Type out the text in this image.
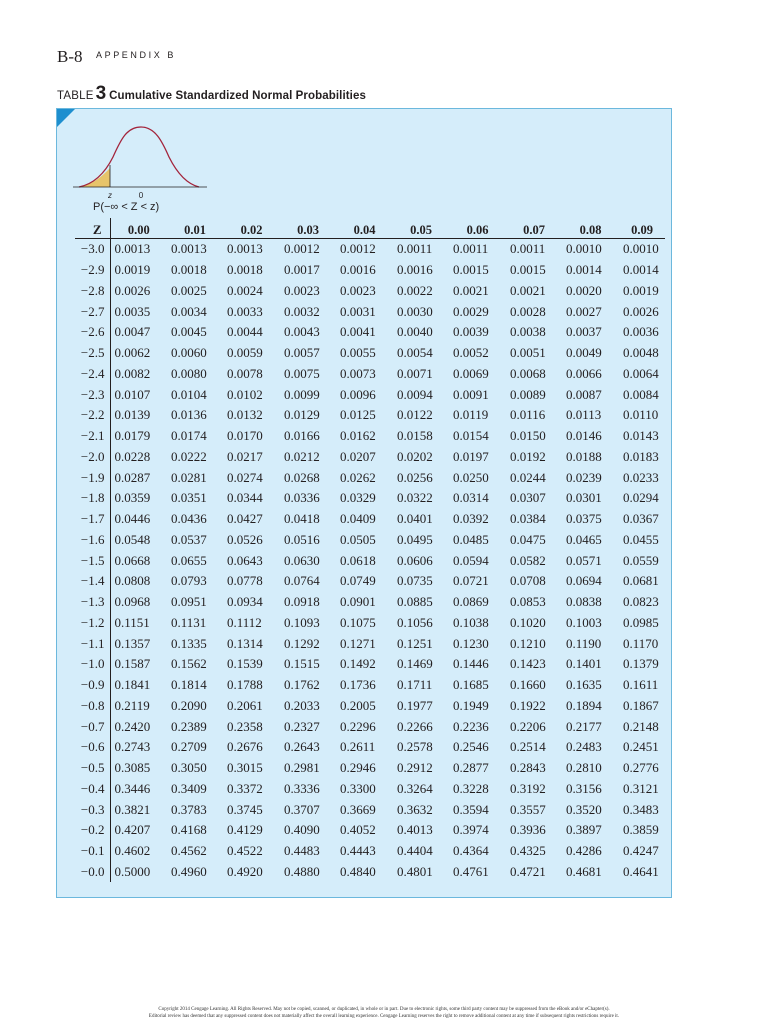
B-8 APPENDIX B
TABLE 3 Cumulative Standardized Normal Probabilities
z	0
P(−∞ < Z < z)
Z	0.00	0.01	0.02	0.03	0.04	0.05	0.06	0.07	0.08	0.09
−3.0	0.0013	0.0013	0.0013	0.0012	0.0012	0.0011	0.0011	0.0011	0.0010	0.0010
−2.9	0.0019	0.0018	0.0018	0.0017	0.0016	0.0016	0.0015	0.0015	0.0014	0.0014
−2.8	0.0026	0.0025	0.0024	0.0023	0.0023	0.0022	0.0021	0.0021	0.0020	0.0019
−2.7	0.0035	0.0034	0.0033	0.0032	0.0031	0.0030	0.0029	0.0028	0.0027	0.0026
−2.6	0.0047	0.0045	0.0044	0.0043	0.0041	0.0040	0.0039	0.0038	0.0037	0.0036
−2.5	0.0062	0.0060	0.0059	0.0057	0.0055	0.0054	0.0052	0.0051	0.0049	0.0048
−2.4	0.0082	0.0080	0.0078	0.0075	0.0073	0.0071	0.0069	0.0068	0.0066	0.0064
−2.3	0.0107	0.0104	0.0102	0.0099	0.0096	0.0094	0.0091	0.0089	0.0087	0.0084
−2.2	0.0139	0.0136	0.0132	0.0129	0.0125	0.0122	0.0119	0.0116	0.0113	0.0110
−2.1	0.0179	0.0174	0.0170	0.0166	0.0162	0.0158	0.0154	0.0150	0.0146	0.0143
−2.0	0.0228	0.0222	0.0217	0.0212	0.0207	0.0202	0.0197	0.0192	0.0188	0.0183
−1.9	0.0287	0.0281	0.0274	0.0268	0.0262	0.0256	0.0250	0.0244	0.0239	0.0233
−1.8	0.0359	0.0351	0.0344	0.0336	0.0329	0.0322	0.0314	0.0307	0.0301	0.0294
−1.7	0.0446	0.0436	0.0427	0.0418	0.0409	0.0401	0.0392	0.0384	0.0375	0.0367
−1.6	0.0548	0.0537	0.0526	0.0516	0.0505	0.0495	0.0485	0.0475	0.0465	0.0455
−1.5	0.0668	0.0655	0.0643	0.0630	0.0618	0.0606	0.0594	0.0582	0.0571	0.0559
−1.4	0.0808	0.0793	0.0778	0.0764	0.0749	0.0735	0.0721	0.0708	0.0694	0.0681
−1.3	0.0968	0.0951	0.0934	0.0918	0.0901	0.0885	0.0869	0.0853	0.0838	0.0823
−1.2	0.1151	0.1131	0.1112	0.1093	0.1075	0.1056	0.1038	0.1020	0.1003	0.0985
−1.1	0.1357	0.1335	0.1314	0.1292	0.1271	0.1251	0.1230	0.1210	0.1190	0.1170
−1.0	0.1587	0.1562	0.1539	0.1515	0.1492	0.1469	0.1446	0.1423	0.1401	0.1379
−0.9	0.1841	0.1814	0.1788	0.1762	0.1736	0.1711	0.1685	0.1660	0.1635	0.1611
−0.8	0.2119	0.2090	0.2061	0.2033	0.2005	0.1977	0.1949	0.1922	0.1894	0.1867
−0.7	0.2420	0.2389	0.2358	0.2327	0.2296	0.2266	0.2236	0.2206	0.2177	0.2148
−0.6	0.2743	0.2709	0.2676	0.2643	0.2611	0.2578	0.2546	0.2514	0.2483	0.2451
−0.5	0.3085	0.3050	0.3015	0.2981	0.2946	0.2912	0.2877	0.2843	0.2810	0.2776
−0.4	0.3446	0.3409	0.3372	0.3336	0.3300	0.3264	0.3228	0.3192	0.3156	0.3121
−0.3	0.3821	0.3783	0.3745	0.3707	0.3669	0.3632	0.3594	0.3557	0.3520	0.3483
−0.2	0.4207	0.4168	0.4129	0.4090	0.4052	0.4013	0.3974	0.3936	0.3897	0.3859
−0.1	0.4602	0.4562	0.4522	0.4483	0.4443	0.4404	0.4364	0.4325	0.4286	0.4247
−0.0	0.5000	0.4960	0.4920	0.4880	0.4840	0.4801	0.4761	0.4721	0.4681	0.4641
Copyright 2014 Cengage Learning. All Rights Reserved. May not be copied, scanned, or duplicated, in whole or in part. Due to electronic rights, some third party content may be suppressed from the eBook and/or eChapter(s).
Editorial review has deemed that any suppressed content does not materially affect the overall learning experience. Cengage Learning reserves the right to remove additional content at any time if subsequent rights restrictions require it.
